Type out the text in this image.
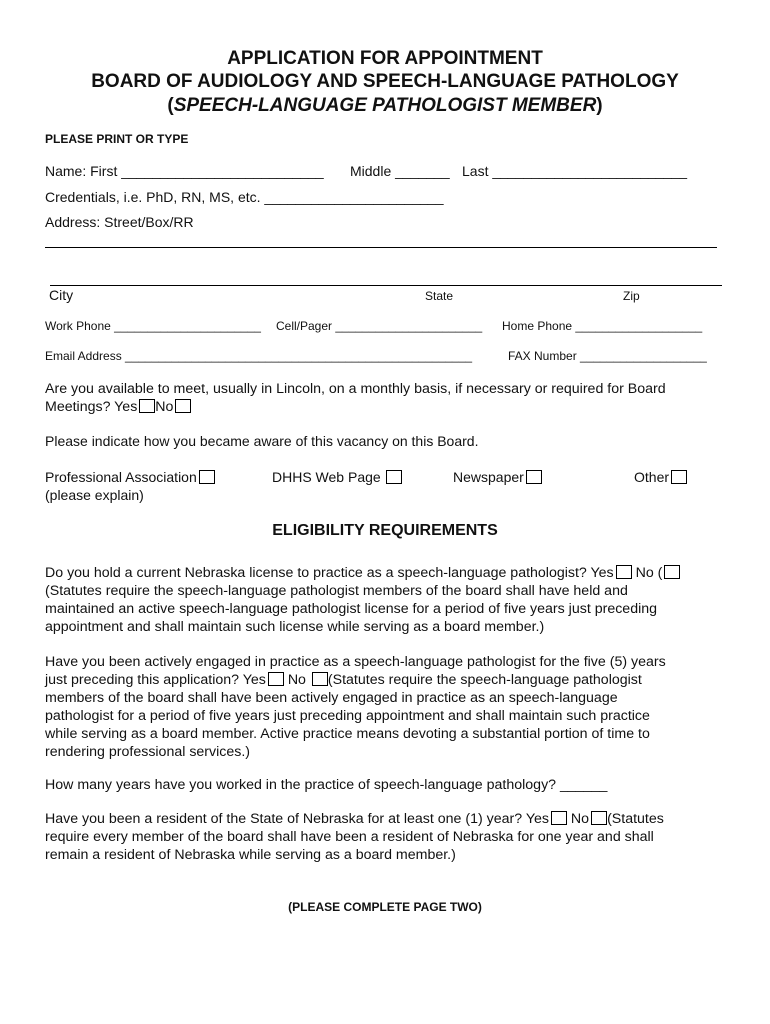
APPLICATION FOR APPOINTMENT
BOARD OF AUDIOLOGY AND SPEECH-LANGUAGE PATHOLOGY
(SPEECH-LANGUAGE PATHOLOGIST MEMBER)
PLEASE PRINT OR TYPE
Name: First __________________________ Middle _______ Last _________________________
Credentials, i.e. PhD, RN, MS, etc. _______________________
Address: Street/Box/RR
City	State	Zip
Work Phone ______________________ Cell/Pager ______________________ Home Phone ___________________
Email Address ____________________________________________________	FAX Number ___________________
Are you available to meet, usually in Lincoln, on a monthly basis, if necessary or required for Board
Meetings? Yes No
Please indicate how you became aware of this vacancy on this Board.
Professional Association
(please explain)
DHHS Web Page	Newspaper	Other
ELIGIBILITY REQUIREMENTS
Do you hold a current Nebraska license to practice as a speech-language pathologist? Yes No (
(Statutes require the speech-language pathologist members of the board shall have held and
maintained an active speech-language pathologist license for a period of five years just preceding
appointment and shall maintain such license while serving as a board member.)
Have you been actively engaged in practice as a speech-language pathologist for the five (5) years
just preceding this application? Yes No (Statutes require the speech-language pathologist
members of the board shall have been actively engaged in practice as an speech-language
pathologist for a period of five years just preceding appointment and shall maintain such practice
while serving as a board member. Active practice means devoting a substantial portion of time to
rendering professional services.)
How many years have you worked in the practice of speech-language pathology? ______
Have you been a resident of the State of Nebraska for at least one (1) year? Yes No (Statutes
require every member of the board shall have been a resident of Nebraska for one year and shall
remain a resident of Nebraska while serving as a board member.)
(PLEASE COMPLETE PAGE TWO)
